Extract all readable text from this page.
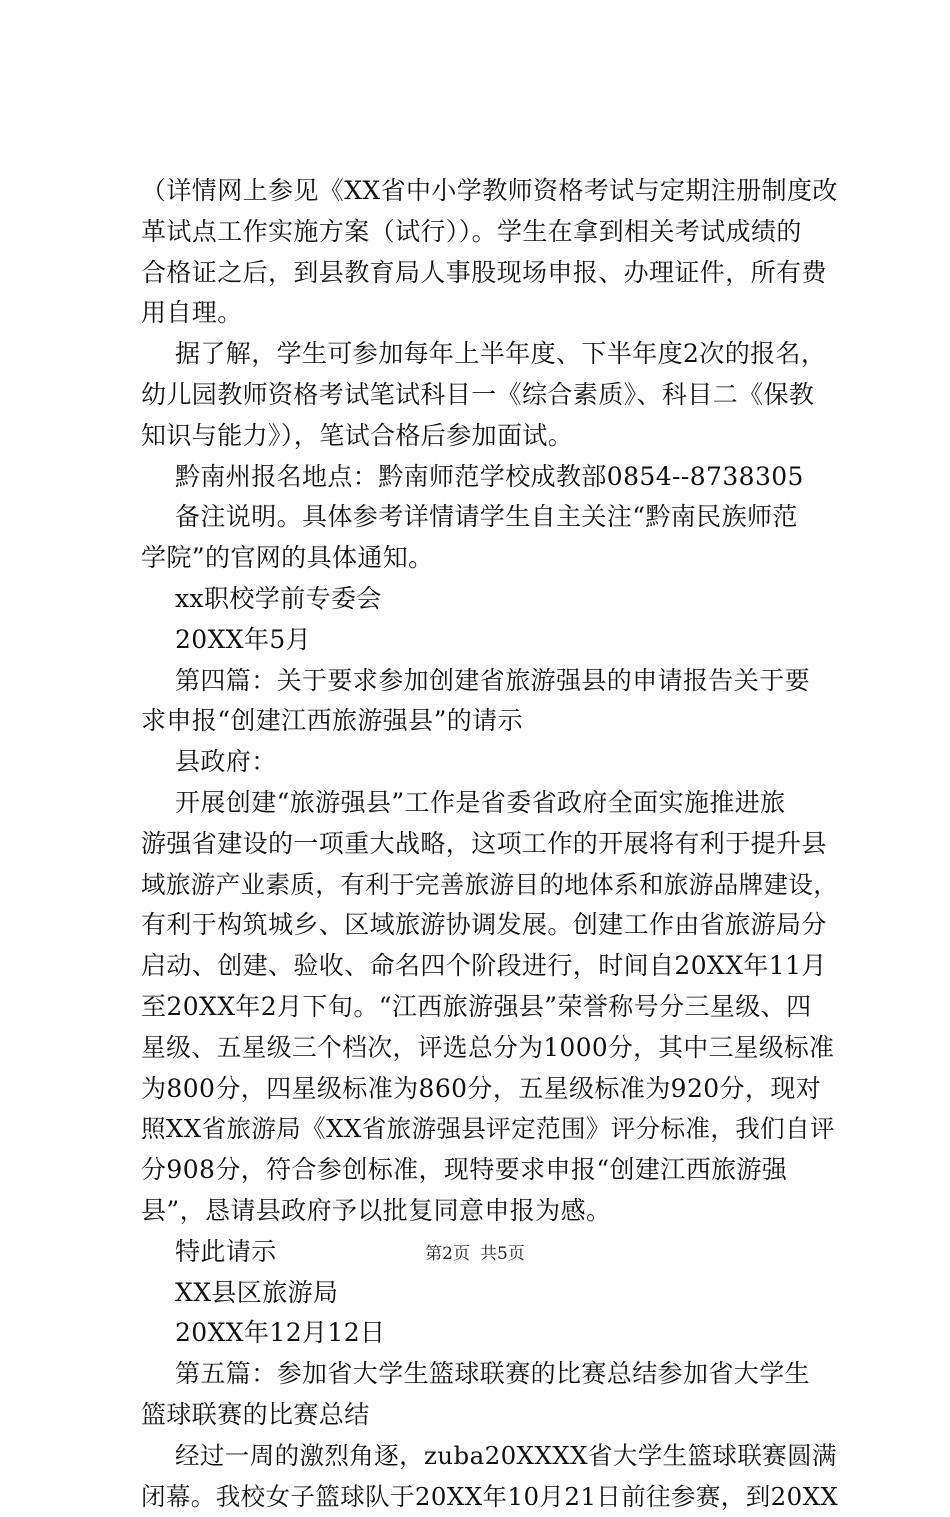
（详情网上参见《XX省中小学教师资格考试与定期注册制度改
革试点工作实施方案（试行））。学生在拿到相关考试成绩的
合格证之后，到县教育局人事股现场申报、办理证件，所有费
用自理。
据了解，学生可参加每年上半年度、下半年度2次的报名，
幼儿园教师资格考试笔试科目一《综合素质》、科目二《保教
知识与能力》），笔试合格后参加面试。
黔南州报名地点：黔南师范学校成教部0854--8738305
备注说明。具体参考详情请学生自主关注“黔南民族师范
学院”的官网的具体通知。
xx职校学前专委会
20XX年5月
第四篇：关于要求参加创建省旅游强县的申请报告关于要
求申报“创建江西旅游强县”的请示
县政府：
开展创建“旅游强县”工作是省委省政府全面实施推进旅
游强省建设的一项重大战略，这项工作的开展将有利于提升县
域旅游产业素质，有利于完善旅游目的地体系和旅游品牌建设，
有利于构筑城乡、区域旅游协调发展。创建工作由省旅游局分
启动、创建、验收、命名四个阶段进行，时间自20XX年11月
至20XX年2月下旬。“江西旅游强县”荣誉称号分三星级、四
星级、五星级三个档次，评选总分为1000分，其中三星级标准
为800分，四星级标准为860分，五星级标准为920分，现对
照XX省旅游局《XX省旅游强县评定范围》评分标准，我们自评
分908分，符合参创标准，现特要求申报“创建江西旅游强
县”，恳请县政府予以批复同意申报为感。
特此请示
XX县区旅游局
20XX年12月12日
第五篇：参加省大学生篮球联赛的比赛总结参加省大学生
篮球联赛的比赛总结
经过一周的激烈角逐，zuba20XXXX省大学生篮球联赛圆满
闭幕。我校女子篮球队于20XX年10月21日前往参赛，到20XX
第2页 共5页
